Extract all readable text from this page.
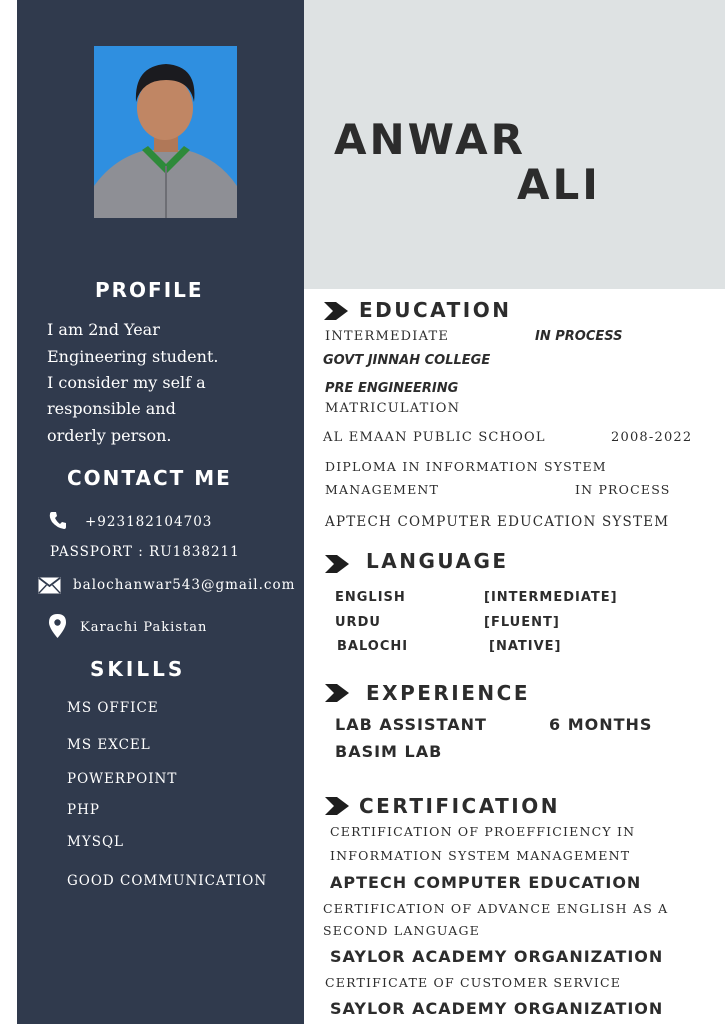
ANWAR
ALI
PROFILE
I am 2nd Year
Engineering student.
I consider my self a
responsible and
orderly person.
CONTACT ME
+923182104703
PASSPORT : RU1838211
balochanwar543@gmail.com
Karachi Pakistan
SKILLS
MS OFFICE
MS EXCEL
POWERPOINT
PHP
MYSQL
GOOD COMMUNICATION
EDUCATION
INTERMEDIATE	IN PROCESS
GOVT JINNAH COLLEGE
PRE ENGINEERING
MATRICULATION
AL EMAAN PUBLIC SCHOOL	2008-2022
DIPLOMA IN INFORMATION SYSTEM
MANAGEMENT	IN PROCESS
APTECH COMPUTER EDUCATION SYSTEM
LANGUAGE
ENGLISH	[INTERMEDIATE]
URDU	[FLUENT]
BALOCHI	[NATIVE]
EXPERIENCE
LAB ASSISTANT	6 MONTHS
BASIM LAB
CERTIFICATION
CERTIFICATION OF PROEFFICIENCY IN
INFORMATION SYSTEM MANAGEMENT
APTECH COMPUTER EDUCATION
CERTIFICATION OF ADVANCE ENGLISH AS A
SECOND LANGUAGE
SAYLOR ACADEMY ORGANIZATION
CERTIFICATE OF CUSTOMER SERVICE
SAYLOR ACADEMY ORGANIZATION
